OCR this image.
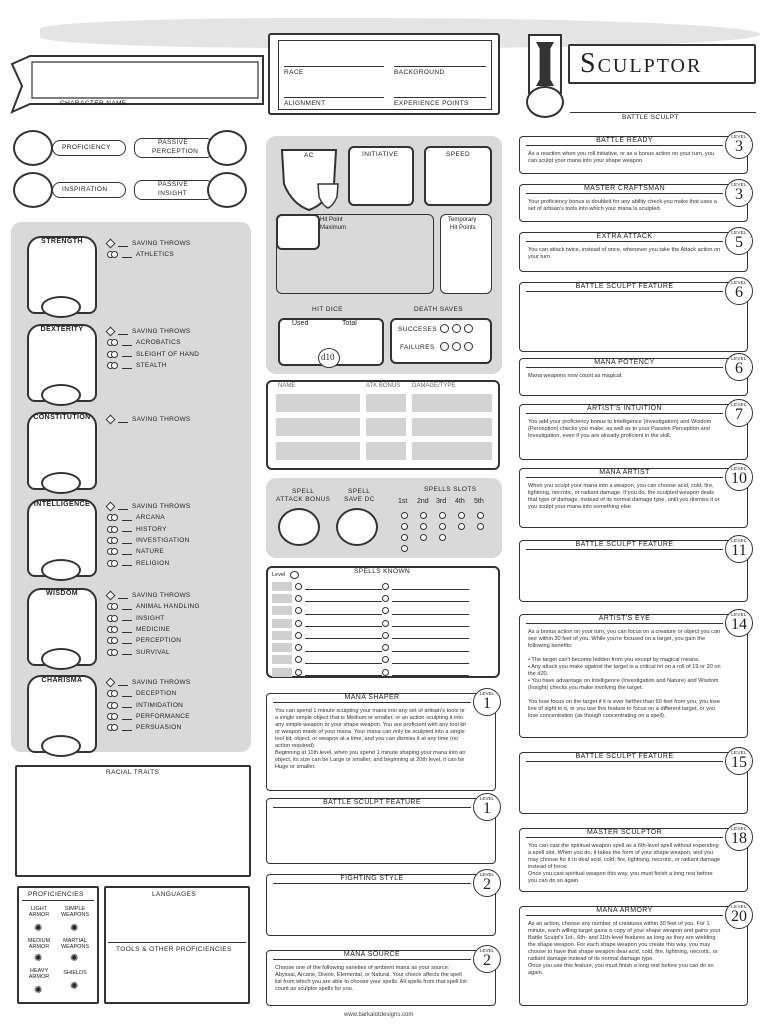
CHARACTER NAME
RACE	BACKGROUND
ALIGNMENT	EXPERIENCE POINTS
Sculptor
BATTLE SCULPT
PROFICIENCY
PASSIVE
PERCEPTION
INSPIRATION
PASSIVE
INSIGHT
STRENGTH	SAVING THROWS
ATHLETICS
DEXTERITY	SAVING THROWS
ACROBATICS
SLEIGHT OF HAND
STEALTH
CONSTITUTION	SAVING THROWS
INTELLIGENCE	SAVING THROWS
ARCANA
HISTORY
INVESTIGATION
NATURE
RELIGION
WISDOM	SAVING THROWS
ANIMAL HANDLING
INSIGHT
MEDICINE
PERCEPTION
SURVIVAL
CHARISMA	SAVING THROWS
DECEPTION
INTIMIDATION
PERFORMANCE
PERSUASION
AC	INITIATIVE	SPEED
Hit Point
Maximum
Temporary
Hit Points
HIT DICE	DEATH SAVES
Used	Total
d10
SUCCESES
FAILURES
NAME	ATK BONUS DAMAGE/TYPE
SPELL
ATTACK BONUS
SPELL
SAVE DC
SPELLS SLOTS
1st 2nd 3rd 4th 5th
SPELLS KNOWN
Level
MANA SHAPER
LEVEL
1
You can spend 1 minute sculpting your mana into any set of artisan's tools or a single simple object that is Medium or smaller, or an action sculpting it into any simple weapon or your shape weapon. You are proficient with any tool kit or weapon made of your mana. Your mana can only be sculpted into a single tool kit, object, or weapon at a time, and you can dismiss it at any time (no action required).
Beginning at 11th level, when you spend 1 minute shaping your mana into an object, its size can be Large or smaller, and beginning at 20th level, it can be Huge or smaller.
BATTLE SCULPT FEATURE
LEVEL
1
FIGHTING STYLE
LEVEL
2
MANA SOURCE
LEVEL
2
Choose one of the following varieties of ambient mana as your source: Abyssal, Arcane, Divine, Elemental, or Natural. Your choice affects the spell list from which you are able to choose your spells. All spells from that spell list count as sculptor spells for you.
RACIAL TRAITS
PROFICIENCIES	LANGUAGES
TOOLS & OTHER PROFICIENCIES
LIGHT
ARMOR
SIMPLE
WEAPONS
✺	✺
MEDIUM
ARMOR
MARTIAL
WEAPONS
✺	✺
HEAVY
ARMOR
SHIELDS
✺	✺
BATTLE READY
LEVEL
3
As a reaction when you roll initiative, or as a bonus action on your turn, you can sculpt your mana into your shape weapon.
MASTER CRAFTSMAN
LEVEL
3
Your proficiency bonus is doubled for any ability check you make that uses a set of artisan's tools into which your mana is sculpted.
EXTRA ATTACK
LEVEL
5
You can attack twice, instead of once, whenever you take the Attack action on your turn.
BATTLE SCULPT FEATURE
LEVEL
6
MANA POTENCY
LEVEL
6
Mana weapons now count as magical.
ARTIST'S INTUITION
LEVEL
7
You add your proficiency bonus to Intelligence (Investigation) and Wisdom (Perception) checks you make, as well as to your Passive Perception and Investigation, even if you are already proficient in the skill.
MANA ARTIST
LEVEL
10
When you sculpt your mana into a weapon, you can choose acid, cold, fire, lightning, necrotic, or radiant damage. If you do, the sculpted weapon deals that type of damage, instead of its normal damage type, until you dismiss it or you sculpt your mana into something else
BATTLE SCULPT FEATURE
LEVEL
11
ARTIST'S EYE
LEVEL
14
As a bonus action on your turn, you can focus on a creature or object you can see within 30 feet of you. While you're focused on a target, you gain the following benefits:

• The target can't become hidden from you except by magical means.
• Any attack you make against the target is a critical hit on a roll of 19 or 20 on the d20.
• You have advantage on Intelligence (Investigation and Nature) and Wisdom (Insight) checks you make involving the target.

You lose focus on the target if it is ever farther than 60 feet from you, you lose line of sight to it, or you use this feature to focus on a different target, or you lose concentration (as though concentrating on a spell).
BATTLE SCULPT FEATURE
LEVEL
15
MASTER SCULPTOR
LEVEL
18
You can cast the spiritual weapon spell as a 6th-level spell without expending a spell slot. When you do, it takes the form of your shape weapon, and you may choose for it to deal acid, cold, fire, lightning, necrotic, or radiant damage instead of force.
Once you cast spiritual weapon this way, you must finish a long rest before you can do so again.
MANA ARMORY
LEVEL
20
As an action, choose any number of creatures within 30 feet of you. For 1 minute, each willing target gains a copy of your shape weapon and gains your Battle Sculpt's 1st-, 6th- and 11th-level features as long as they are wielding the shape weapon. For each shape weapon you create this way, you may choose to have that shape weapon deal acid, cold, fire, lightning, necrotic, or radiant damage instead of its normal damage type.
Once you use this feature, you must finish a long rest before you can do so again.
www.barkalotdesigns.com
